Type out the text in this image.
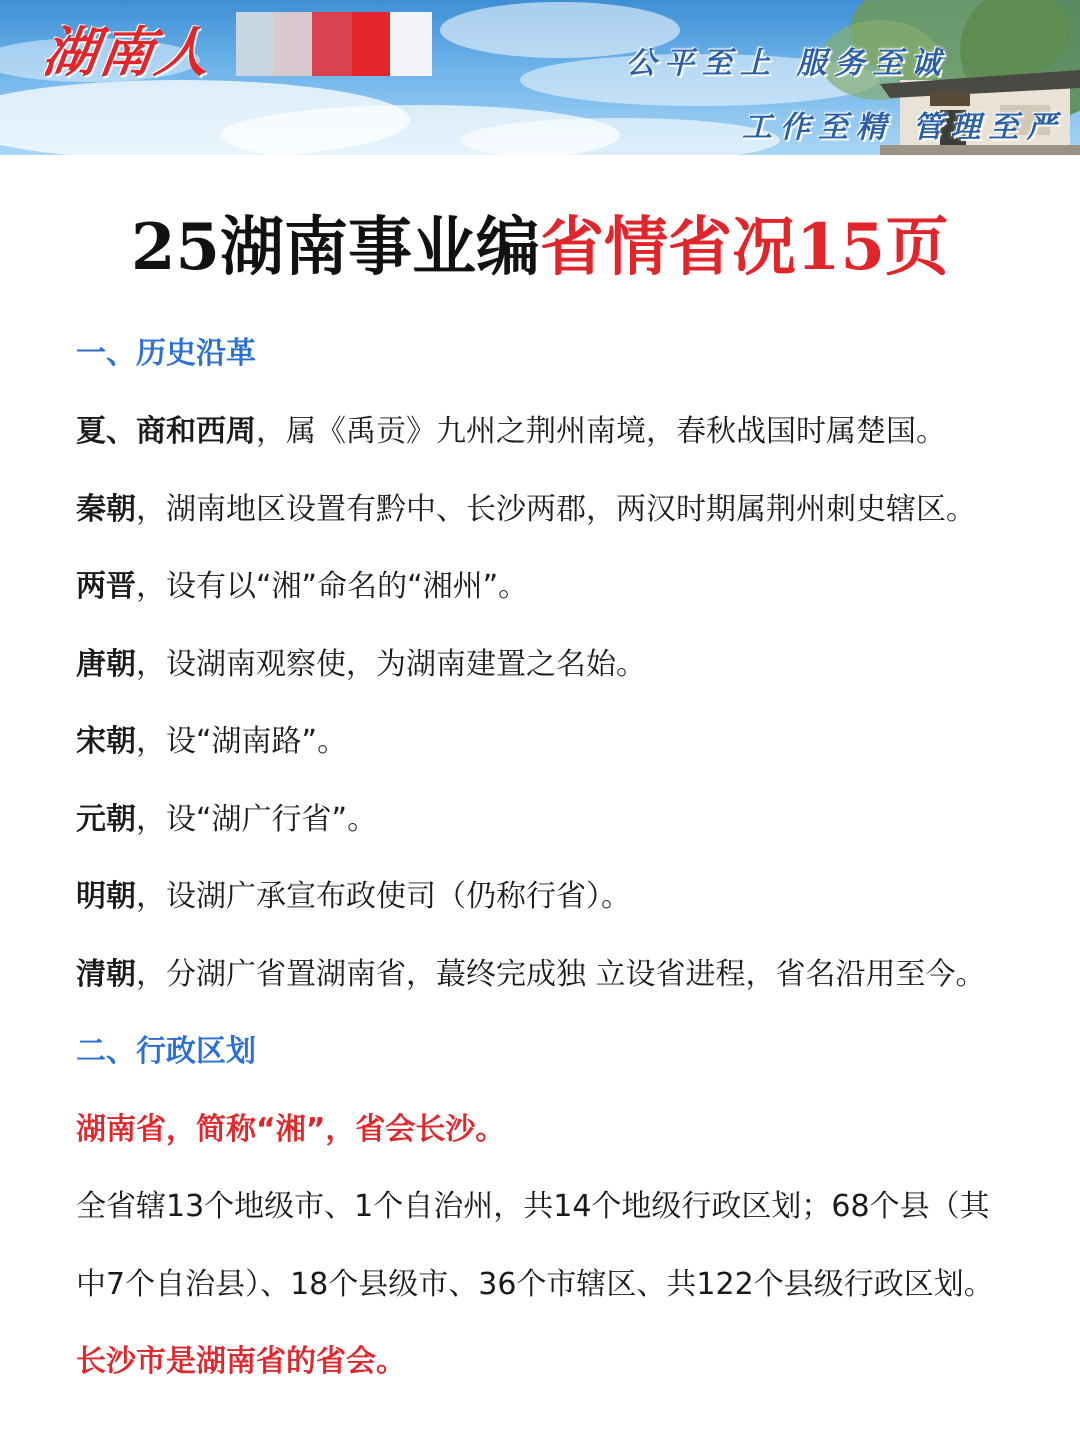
湖南人	公平至上 服务至诚
工作至精 管理至严
25湖南事业编省情省况15页
一、历史沿革
夏、商和西周，属《禹贡》九州之荆州南境，春秋战国时属楚国。
秦朝，湖南地区设置有黔中、长沙两郡，两汉时期属荆州刺史辖区。
两晋，设有以“湘”命名的“湘州”。
唐朝，设湖南观察使，为湖南建置之名始。
宋朝，设“湖南路”。
元朝，设“湖广行省”。
明朝，设湖广承宣布政使司（仍称行省）。
清朝，分湖广省置湖南省，蕞终完成独 立设省进程，省名沿用至今。
二、行政区划
湖南省，简称“湘”，省会长沙。
全省辖13个地级市、1个自治州，共14个地级行政区划；68个县（其
中7个自治县）、18个县级市、36个市辖区、共122个县级行政区划。
长沙市是湖南省的省会。
